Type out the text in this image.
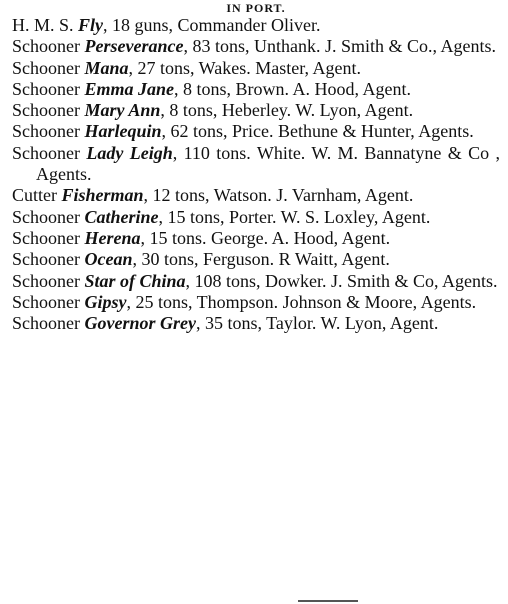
IN PORT.

H. M. S. Fly, 18 guns, Commander Oliver.

Schooner Perseverance, 83 tons, Unthank. J. Smith & Co., Agents.

Schooner Mana, 27 tons, Wakes. Master, Agent.

Schooner Emma Jane, 8 tons, Brown. A. Hood, Agent.

Schooner Mary Ann, 8 tons, Heberley. W. Lyon, Agent.

Schooner Harlequin, 62 tons, Price. Bethune & Hunter, Agents.

Schooner Lady Leigh, 110 tons. White. W. M. Bannatyne & Co , Agents.

Cutter Fisherman, 12 tons, Watson. J. Varnham, Agent.

Schooner Catherine, 15 tons, Porter. W. S. Loxley, Agent.

Schooner Herena, 15 tons. George. A. Hood, Agent.

Schooner Ocean, 30 tons, Ferguson. R Waitt, Agent.

Schooner Star of China, 108 tons, Dowker. J. Smith & Co, Agents.

Schooner Gipsy, 25 tons, Thompson. Johnson & Moore, Agents.

Schooner Governor Grey, 35 tons, Taylor. W. Lyon, Agent.
